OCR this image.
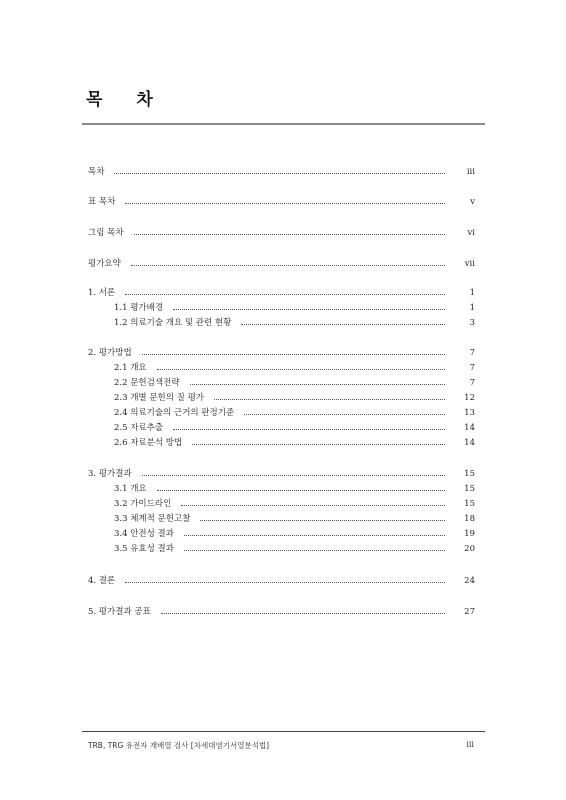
목 차
목차	iii
표 목차	v
그림 목차	vi
평가요약	vii
1. 서론	1
1.1 평가배경	1
1.2 의료기술 개요 및 관련 현황	3
2. 평가방법	7
2.1 개요	7
2.2 문헌검색전략	7
2.3 개별 문헌의 질 평가	12
2.4 의료기술의 근거의 판정기준	13
2.5 자료추출	14
2.6 자료분석 방법	14
3. 평가결과	15
3.1 개요	15
3.2 가이드라인	15
3.3 체계적 문헌고찰	18
3.4 안전성 결과	19
3.5 유효성 결과	20
4. 결론	24
5. 평가결과 공표	27
TRB, TRG 유전자 재배열 검사 [차세대염기서열분석법]	iii
